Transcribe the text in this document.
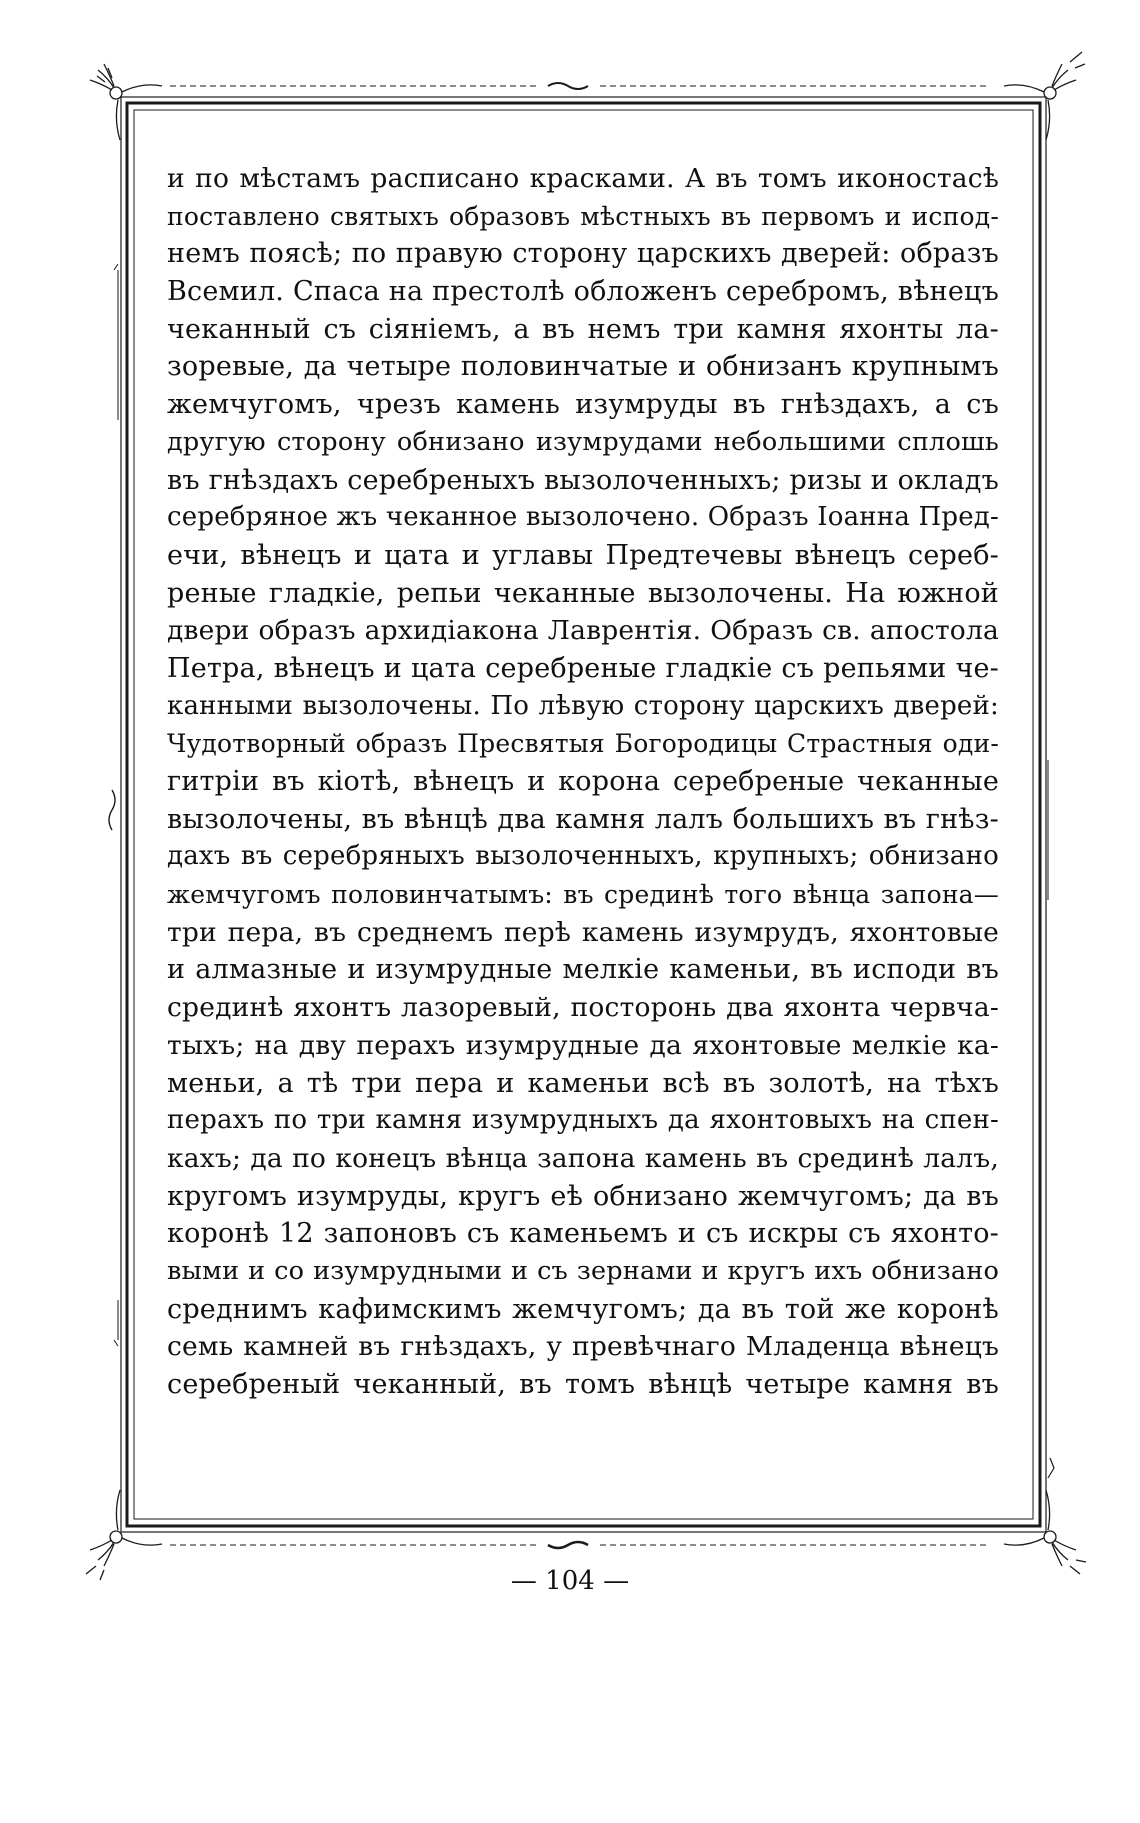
и по мѣстамъ расписано красками. А въ томъ иконостасѣ
поставлено святыхъ образовъ мѣстныхъ въ первомъ и испод-
немъ поясѣ; по правую сторону царскихъ дверей: образъ
Всемил. Спаса на престолѣ обложенъ серебромъ, вѣнецъ
чеканный съ сіяніемъ, а въ немъ три камня яхонты ла-
зоревые, да четыре половинчатые и обнизанъ крупнымъ
жемчугомъ, чрезъ камень изумруды въ гнѣздахъ, а съ
другую сторону обнизано изумрудами небольшими сплошь
въ гнѣздахъ серебреныхъ вызолоченныхъ; ризы и окладъ
серебряное жъ чеканное вызолочено. Образъ Іоанна Пред-
ечи, вѣнецъ и цата и углавы Предтечевы вѣнецъ сереб-
реные гладкіе, репьи чеканные вызолочены. На южной
двери образъ архидіакона Лаврентія. Образъ св. апостола
Петра, вѣнецъ и цата серебреные гладкіе съ репьями че-
канными вызолочены. По лѣвую сторону царскихъ дверей:
Чудотворный образъ Пресвятыя Богородицы Страстныя оди-
гитріи въ кіотѣ, вѣнецъ и корона серебреные чеканные
вызолочены, въ вѣнцѣ два камня лалъ большихъ въ гнѣз-
дахъ въ серебряныхъ вызолоченныхъ, крупныхъ; обнизано
жемчугомъ половинчатымъ: въ срединѣ того вѣнца запона—
три пера, въ среднемъ перѣ камень изумрудъ, яхонтовые
и алмазные и изумрудные мелкіе каменьи, въ исподи въ
срединѣ яхонтъ лазоревый, посторонь два яхонта червча-
тыхъ; на дву перахъ изумрудные да яхонтовые мелкіе ка-
меньи, а тѣ три пера и каменьи всѣ въ золотѣ, на тѣхъ
перахъ по три камня изумрудныхъ да яхонтовыхъ на спен-
кахъ; да по конецъ вѣнца запона камень въ срединѣ лалъ,
кругомъ изумруды, кругъ еѣ обнизано жемчугомъ; да въ
коронѣ 12 запоновъ съ каменьемъ и съ искры съ яхонто-
выми и со изумрудными и съ зернами и кругъ ихъ обнизано
среднимъ кафимскимъ жемчугомъ; да въ той же коронѣ
семь камней въ гнѣздахъ, у превѣчнаго Младенца вѣнецъ
серебреный чеканный, въ томъ вѣнцѣ четыре камня въ
— 104 —
